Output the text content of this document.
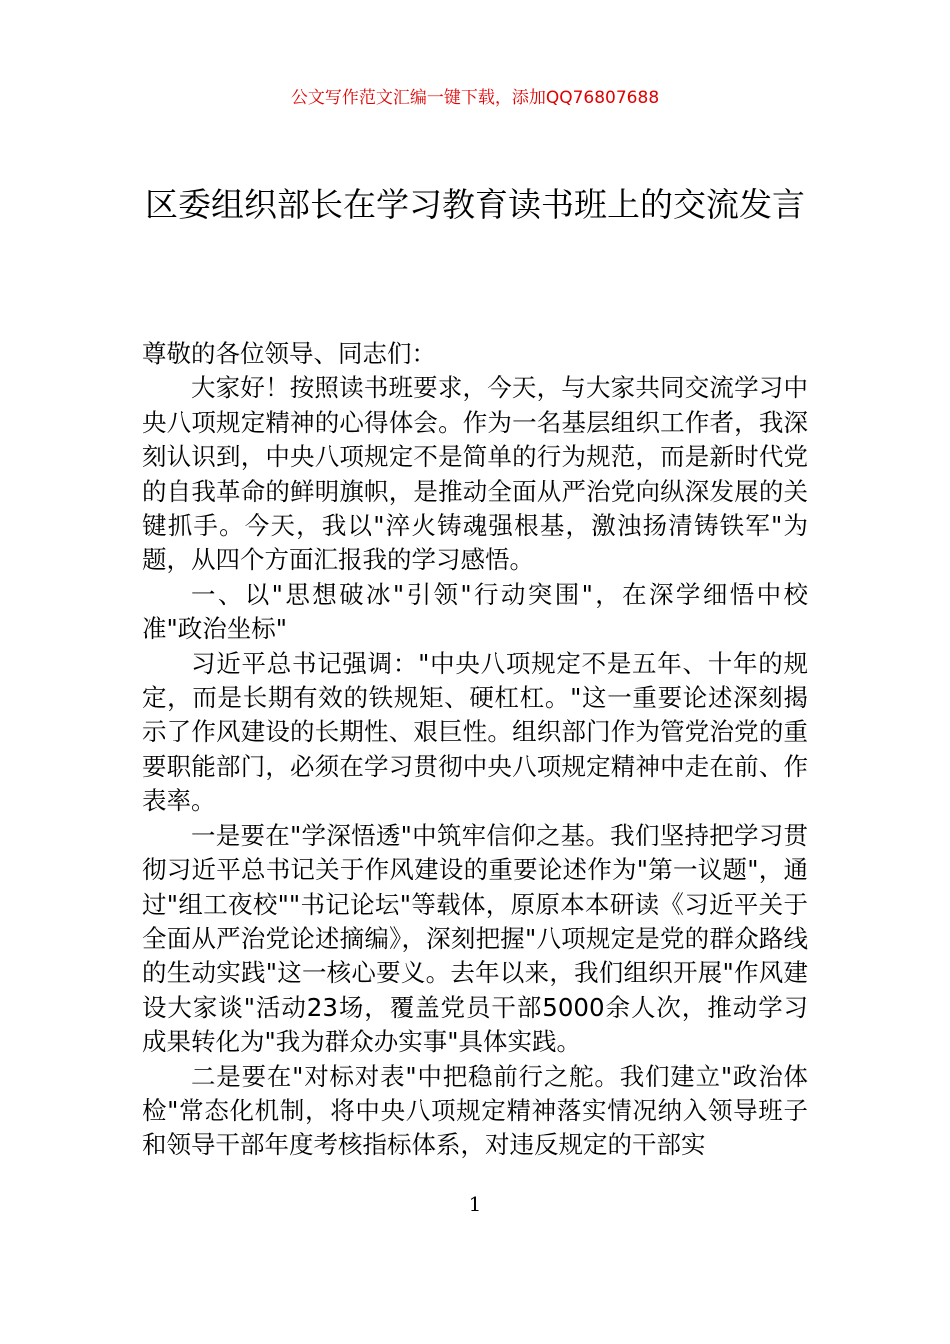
公文写作范文汇编一键下载，添加QQ76807688
区委组织部长在学习教育读书班上的交流发言

尊敬的各位领导、同志们：

大家好！按照读书班要求，今天，与大家共同交流学习中央八项规定精神的心得体会。作为一名基层组织工作者，我深刻认识到，中央八项规定不是简单的行为规范，而是新时代党的自我革命的鲜明旗帜，是推动全面从严治党向纵深发展的关键抓手。今天，我以"淬火铸魂强根基，激浊扬清铸铁军"为题，从四个方面汇报我的学习感悟。

一、以"思想破冰"引领"行动突围"，在深学细悟中校准"政治坐标"

习近平总书记强调："中央八项规定不是五年、十年的规定，而是长期有效的铁规矩、硬杠杠。"这一重要论述深刻揭示了作风建设的长期性、艰巨性。组织部门作为管党治党的重要职能部门，必须在学习贯彻中央八项规定精神中走在前、作表率。

一是要在"学深悟透"中筑牢信仰之基。我们坚持把学习贯彻习近平总书记关于作风建设的重要论述作为"第一议题"，通过"组工夜校""书记论坛"等载体，原原本本研读《习近平关于全面从严治党论述摘编》，深刻把握"八项规定是党的群众路线的生动实践"这一核心要义。去年以来，我们组织开展"作风建设大家谈"活动23场，覆盖党员干部5000余人次，推动学习成果转化为"我为群众办实事"具体实践。

二是要在"对标对表"中把稳前行之舵。我们建立"政治体检"常态化机制，将中央八项规定精神落实情况纳入领导班子和领导干部年度考核指标体系，对违反规定的干部实

1
